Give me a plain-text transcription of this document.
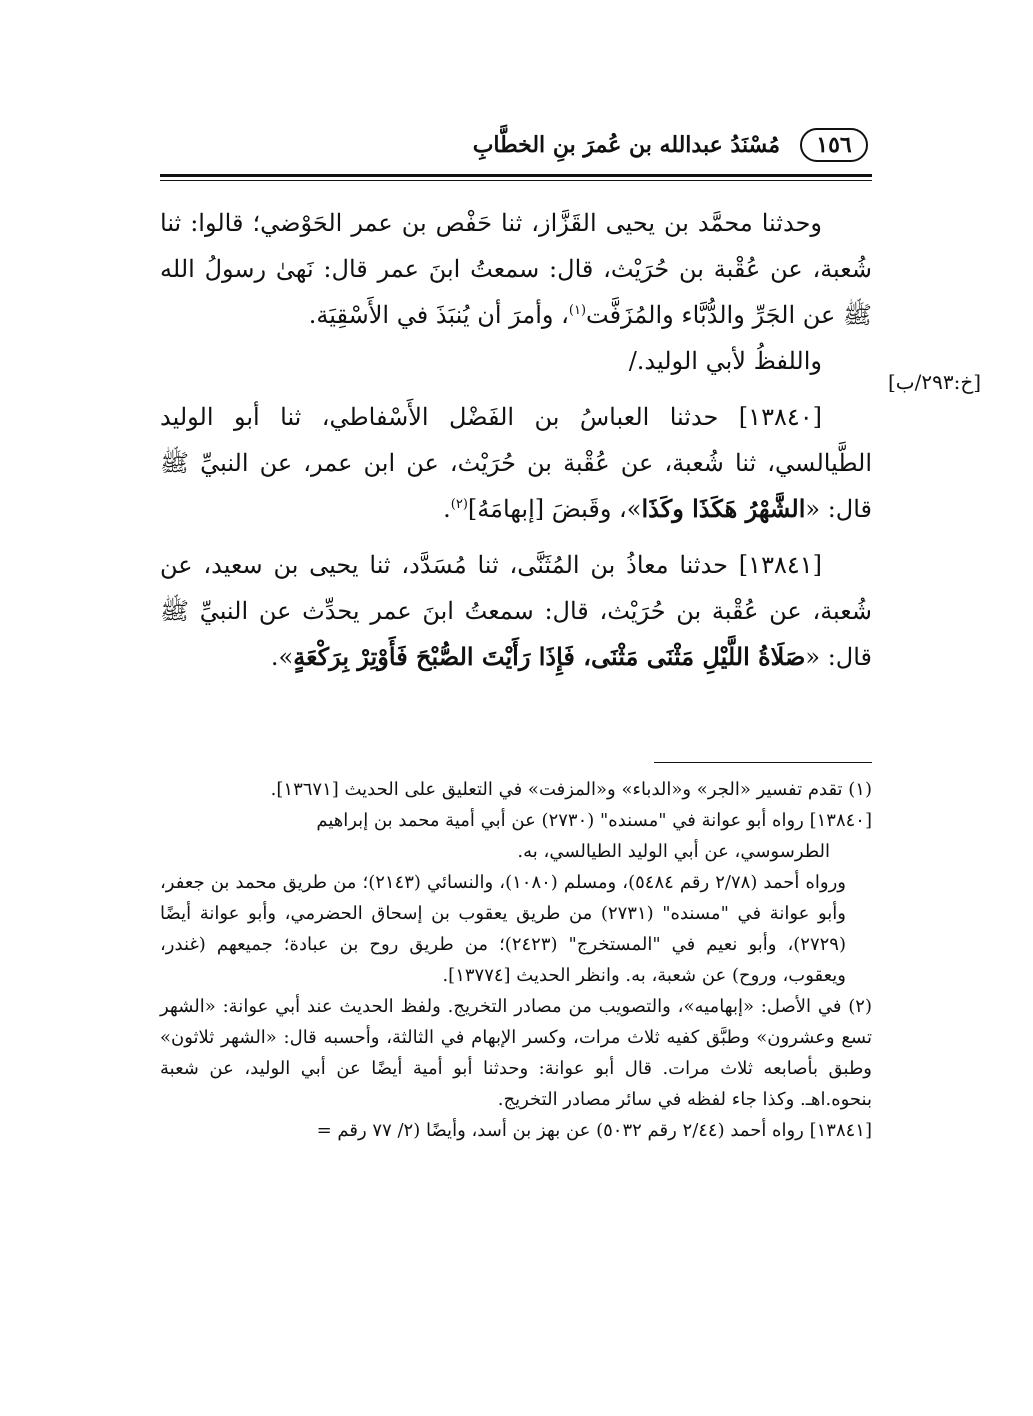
١٥٦
مُسْنَدُ عبدالله بن عُمرَ بنِ الخطَّابِ
[خ:٢٩٣/ب]

وحدثنا محمَّد بن يحيى القَزَّاز، ثنا حَفْص بن عمر الحَوْضي؛ قالوا: ثنا شُعبة، عن عُقْبة بن حُرَيْث، قال: سمعتُ ابنَ عمر قال: نَهىٰ رسولُ الله ﷺ عن الجَرِّ والدُّبَّاء والمُزَفَّت$^{(١)}$، وأمرَ أن يُنبَذَ في الأَسْقِيَة.

واللفظُ لأبي الوليد./

[١٣٨٤٠] حدثنا العباسُ بن الفَضْل الأَسْفاطي، ثنا أبو الوليد الطَّيالسي، ثنا شُعبة، عن عُقْبة بن حُرَيْث، عن ابن عمر، عن النبيِّ ﷺ قال: «الشَّهْرُ هَكَذَا وكَذَا»، وقَبضَ [إبهامَهُ]$^{(٢)}$.

[١٣٨٤١] حدثنا معاذُ بن المُثَنَّى، ثنا مُسَدَّد، ثنا يحيى بن سعيد، عن شُعبة، عن عُقْبة بن حُرَيْث، قال: سمعتُ ابنَ عمر يحدِّث عن النبيِّ ﷺ قال: «صَلَاةُ اللَّيْلِ مَثْنَى مَثْنَى، فَإِذَا رَأَيْتَ الصُّبْحَ فَأَوْتِرْ بِرَكْعَةٍ».

(١) تقدم تفسير «الجر» و«الدباء» و«المزفت» في التعليق على الحديث [١٣٦٧١].

[١٣٨٤٠] رواه أبو عوانة في "مسنده" (٢٧٣٠) عن أبي أمية محمد بن إبراهيم
الطرسوسي، عن أبي الوليد الطيالسي، به.
ورواه أحمد (٢/٧٨ رقم ٥٤٨٤)، ومسلم (١٠٨٠)، والنسائي (٢١٤٣)؛ من طريق محمد بن جعفر، وأبو عوانة في "مسنده" (٢٧٣١) من طريق يعقوب بن إسحاق الحضرمي، وأبو عوانة أيضًا (٢٧٢٩)، وأبو نعيم في "المستخرج" (٢٤٢٣)؛ من طريق روح بن عبادة؛ جميعهم (غندر، ويعقوب، وروح) عن شعبة، به. وانظر الحديث [١٣٧٧٤].

(٢) في الأصل: «إبهاميه»، والتصويب من مصادر التخريج. ولفظ الحديث عند أبي عوانة: «الشهر تسع وعشرون» وطبَّق كفيه ثلاث مرات، وكسر الإبهام في الثالثة، وأحسبه قال: «الشهر ثلاثون» وطبق بأصابعه ثلاث مرات. قال أبو عوانة: وحدثنا أبو أمية أيضًا عن أبي الوليد، عن شعبة بنحوه.اهـ. وكذا جاء لفظه في سائر مصادر التخريج.

[١٣٨٤١] رواه أحمد (٢/٤٤ رقم ٥٠٣٢) عن بهز بن أسد، وأيضًا (٢/ ٧٧ رقم =
